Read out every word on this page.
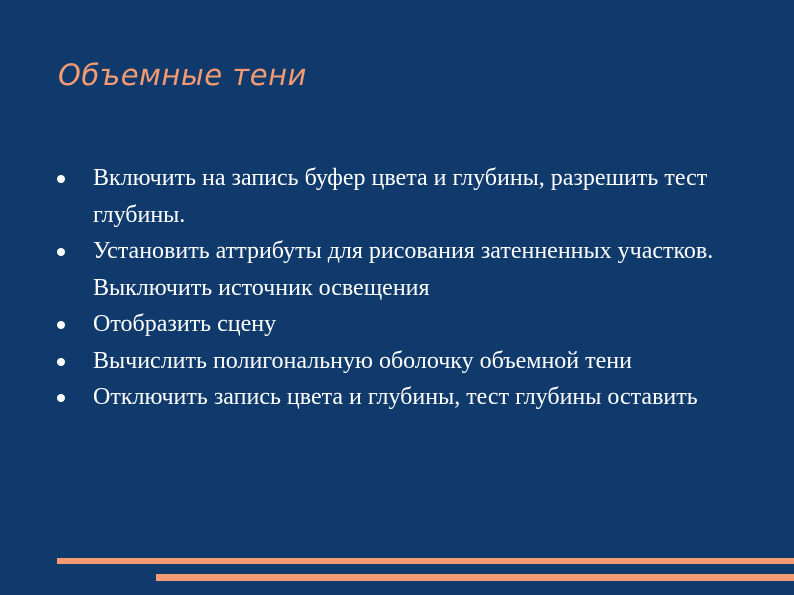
Объемные тени
Включить на запись буфер цвета и глубины, разрешить тест глубины.
Установить аттрибуты для рисования затенненных участков. Выключить источник освещения
Отобразить сцену
Вычислить полигональную оболочку объемной тени
Отключить запись цвета и глубины, тест глубины оставить
